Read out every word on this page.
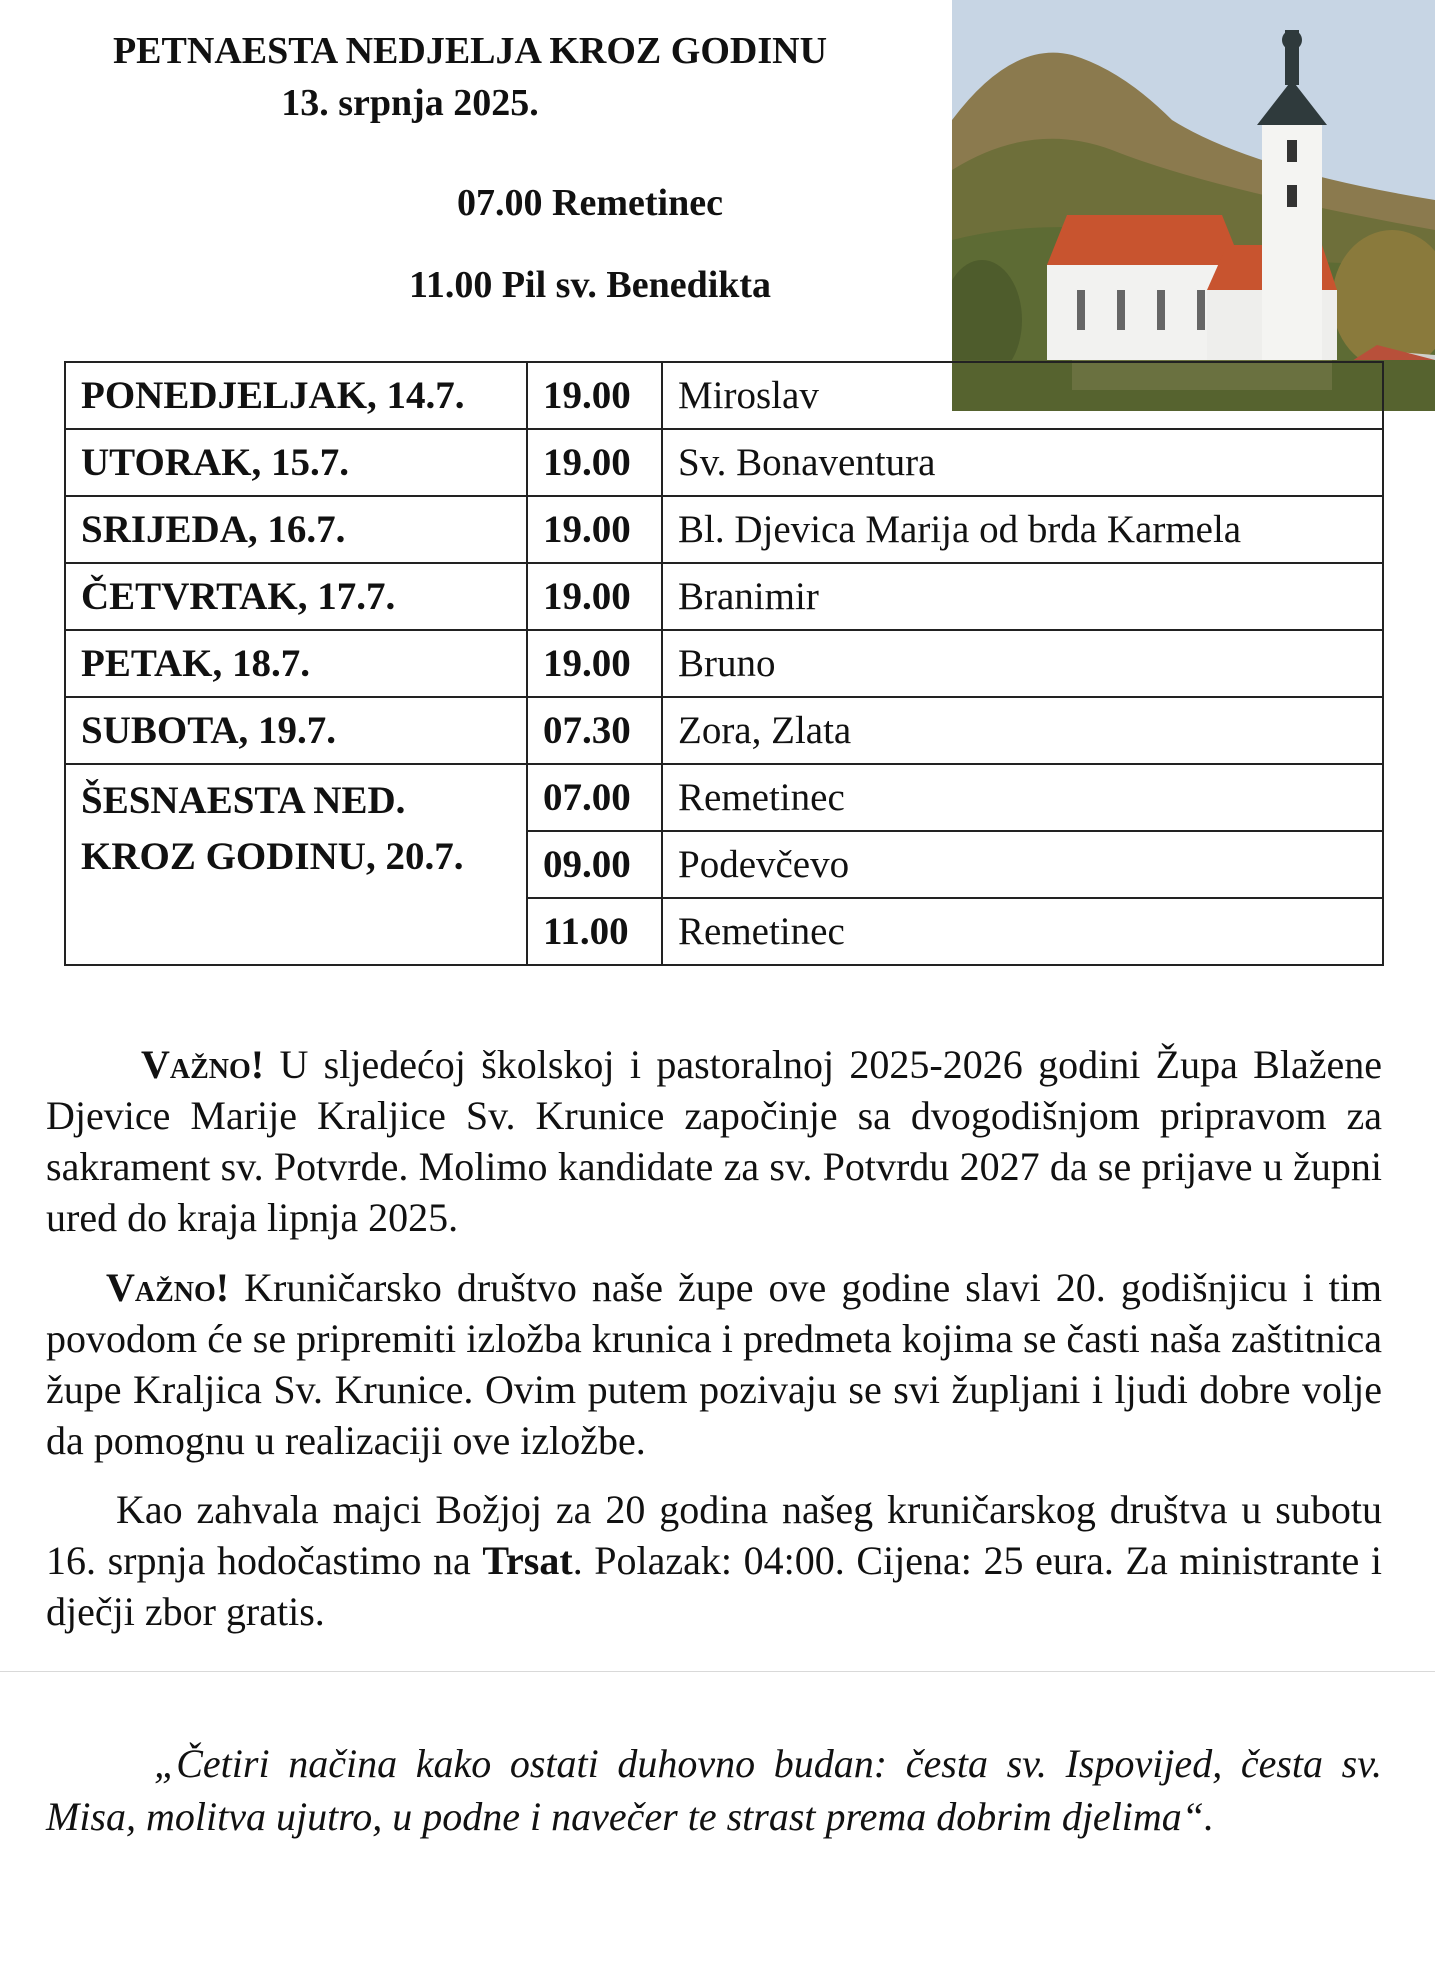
PETNAESTA NEDJELJA KROZ GODINU
13. srpnja 2025.
07.00 Remetinec
11.00 Pil sv. Benedikta
PONEDJELJAK, 14.7.	19.00	Miroslav
UTORAK, 15.7.	19.00	Sv. Bonaventura
SRIJEDA, 16.7.	19.00	Bl. Djevica Marija od brda Karmela
ČETVRTAK, 17.7.	19.00	Branimir
PETAK, 18.7.	19.00	Bruno
SUBOTA, 19.7.	07.30	Zora, Zlata

ŠESNAESTA NED.
KROZ GODINU, 20.7.	07.00	Remetinec
	09.00	Podevčevo
	11.00	Remetinec
Važno! U sljedećoj školskoj i pastoralnoj 2025-2026 godini Župa Blažene Djevice Marije Kraljice Sv. Krunice započinje sa dvogodišnjom pripravom za sakrament sv. Potvrde. Molimo kandidate za sv. Potvrdu 2027 da se prijave u župni ured do kraja lipnja 2025.
Važno! Kruničarsko društvo naše župe ove godine slavi 20. godišnjicu i tim povodom će se pripremiti izložba krunica i predmeta kojima se časti naša zaštitnica župe Kraljica Sv. Krunice. Ovim putem pozivaju se svi župljani i ljudi dobre volje da pomognu u realizaciji ove izložbe.
Kao zahvala majci Božjoj za 20 godina našeg kruničarskog društva u subotu 16. srpnja hodočastimo na Trsat. Polazak: 04:00. Cijena: 25 eura. Za ministrante i dječji zbor gratis.
„Četiri načina kako ostati duhovno budan: česta sv. Ispovijed, česta sv. Misa, molitva ujutro, u podne i navečer te strast prema dobrim djelima“.
